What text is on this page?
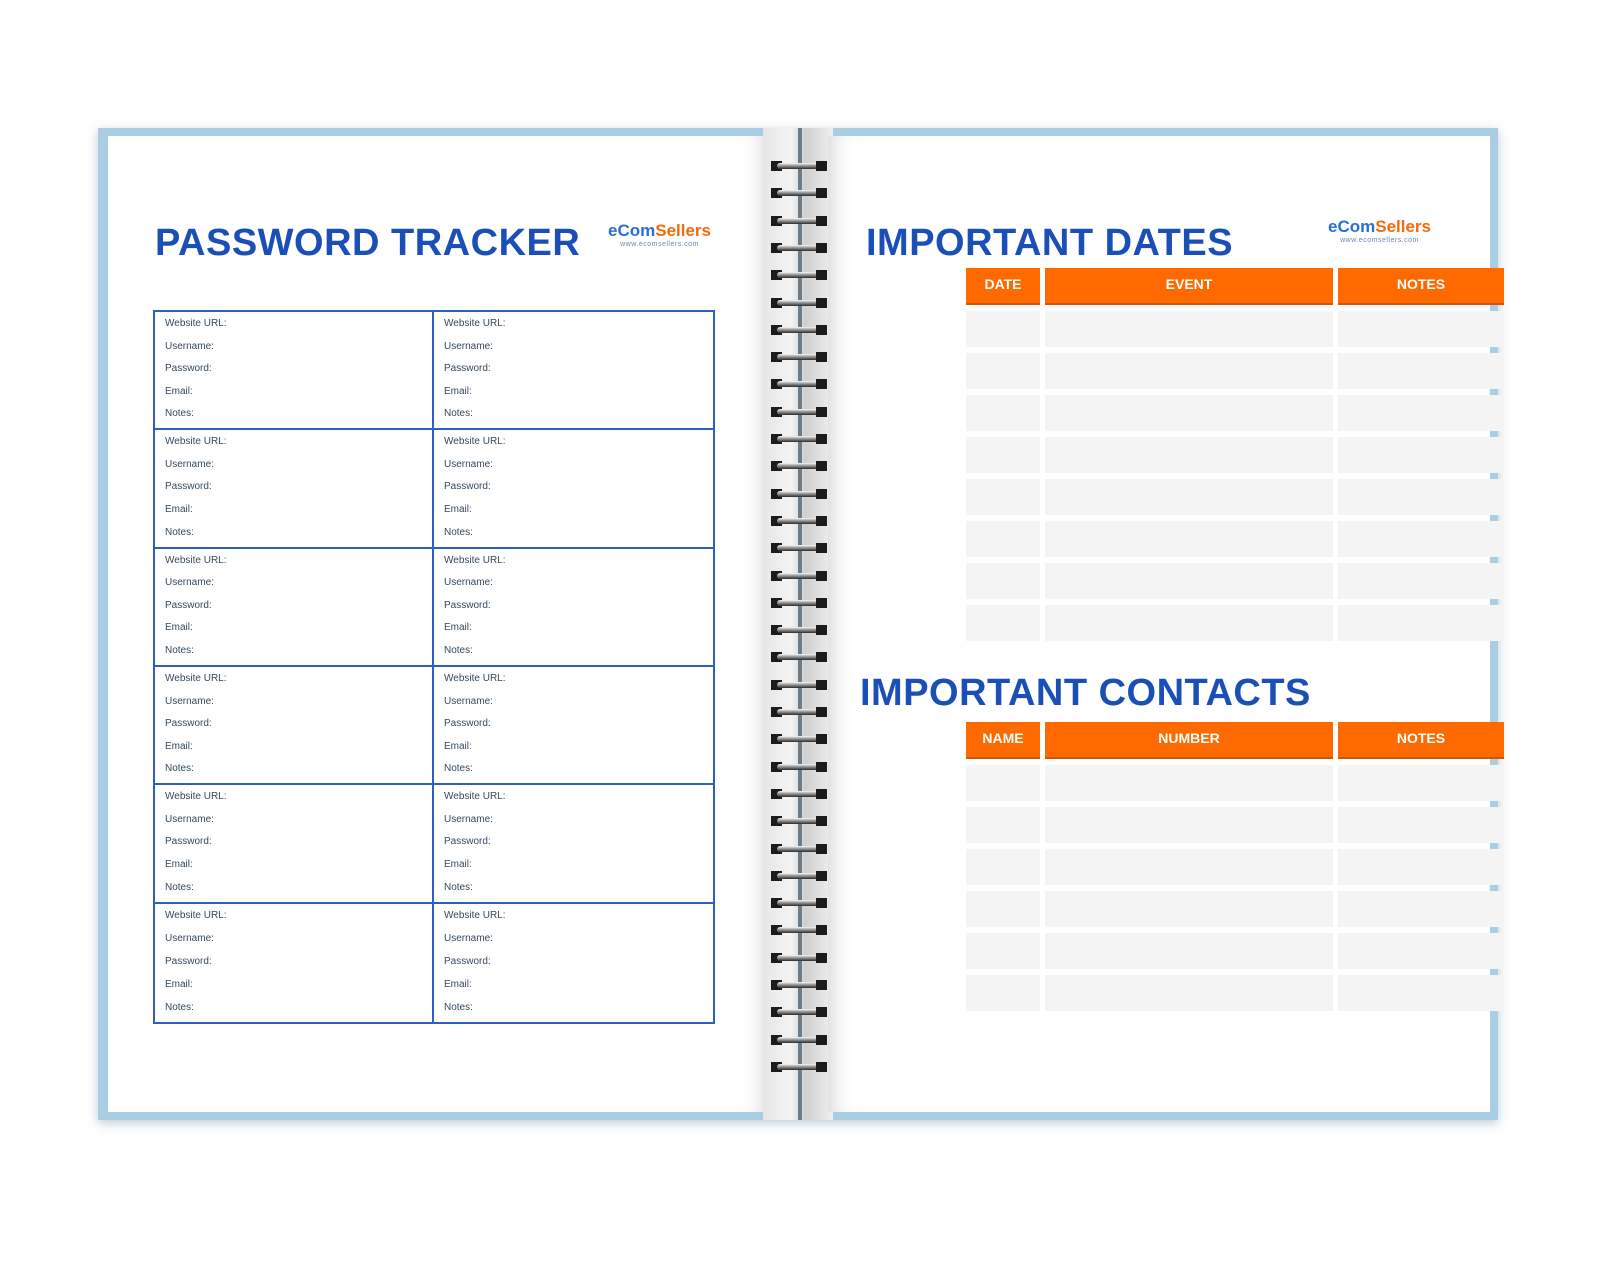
PASSWORD TRACKER eComSellers
www.ecomsellers.com
Website URL:
Username:
Password:
Email:
Notes:
Website URL:
Username:
Password:
Email:
Notes:
Website URL:
Username:
Password:
Email:
Notes:
Website URL:
Username:
Password:
Email:
Notes:
Website URL:
Username:
Password:
Email:
Notes:
Website URL:
Username:
Password:
Email:
Notes:
Website URL:
Username:
Password:
Email:
Notes:
Website URL:
Username:
Password:
Email:
Notes:
Website URL:
Username:
Password:
Email:
Notes:
Website URL:
Username:
Password:
Email:
Notes:
Website URL:
Username:
Password:
Email:
Notes:
Website URL:
Username:
Password:
Email:
Notes:
IMPORTANT DATES	eComSellers
www.ecomsellers.com
DATE	EVENT	NOTES
IMPORTANT CONTACTS
NAME	NUMBER	NOTES
